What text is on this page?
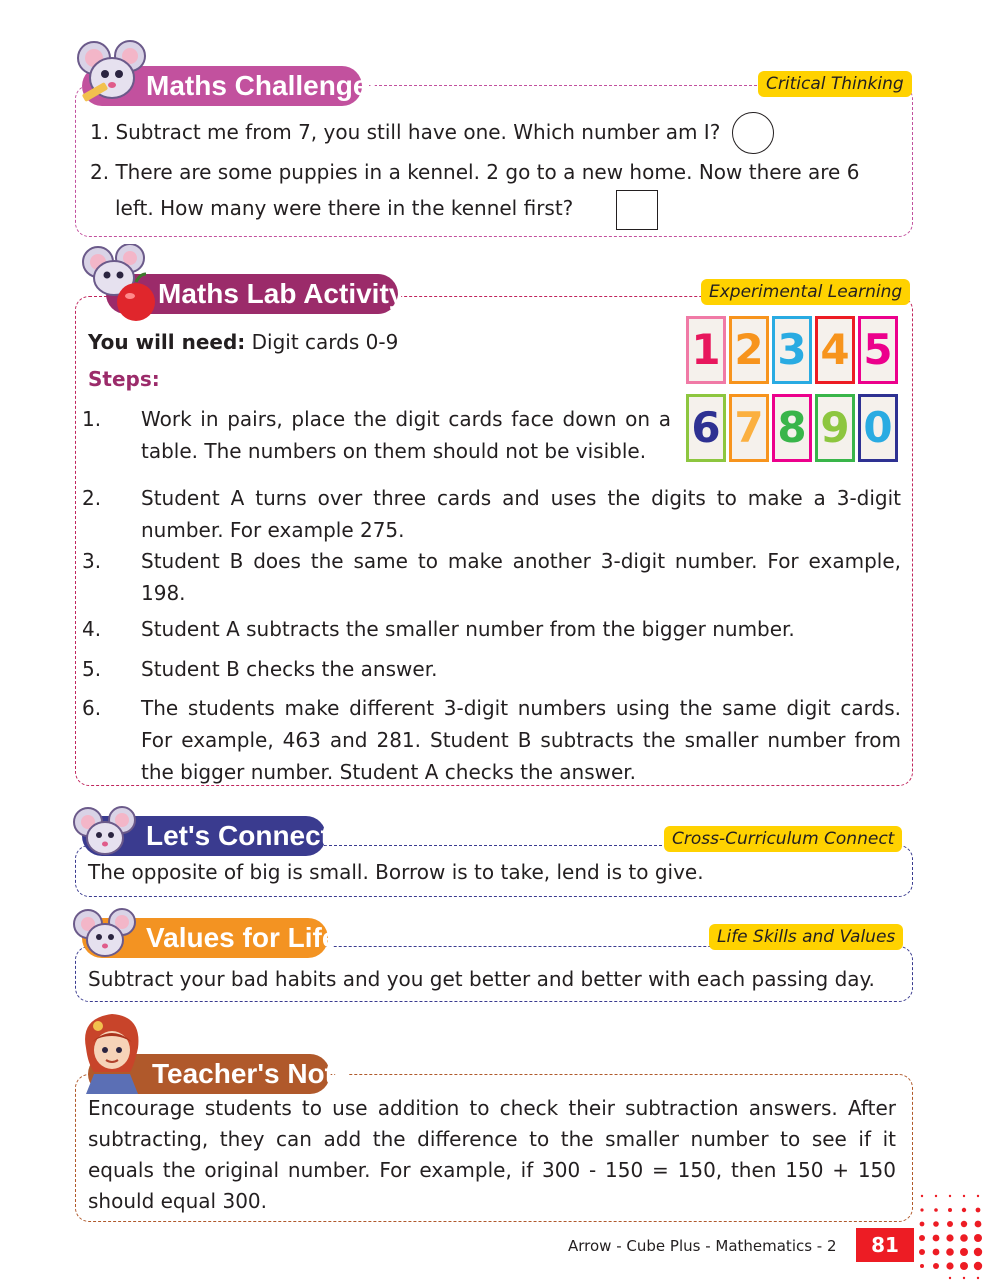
Maths Challenger	Critical Thinking
1. Subtract me from 7, you still have one. Which number am I?
2. There are some puppies in a kennel. 2 go to a new home. Now there are 6
left. How many were there in the kennel first?
Maths Lab Activity	Experimental Learning
You will need: Digit cards 0-9
Steps:
1 2 3 4 5
6 7 8 9 0
1. Work in pairs, place the digit cards face down on a table. The numbers on them should not be visible.
2. Student A turns over three cards and uses the digits to make a 3-digit number. For example 275.
3. Student B does the same to make another 3-digit number. For example, 198.
4. Student A subtracts the smaller number from the bigger number.
5. Student B checks the answer.
6. The students make different 3-digit numbers using the same digit cards. For example, 463 and 281. Student B subtracts the smaller number from the bigger number. Student A checks the answer.
Let's Connect	Cross-Curriculum Connect
The opposite of big is small. Borrow is to take, lend is to give.
Values for Life	Life Skills and Values
Subtract your bad habits and you get better and better with each passing day.
Teacher's Note
Encourage students to use addition to check their subtraction answers. After subtracting, they can add the difference to the smaller number to see if it equals the original number. For example, if 300 - 150 = 150, then 150 + 150 should equal 300.
Arrow - Cube Plus - Mathematics - 2	81
